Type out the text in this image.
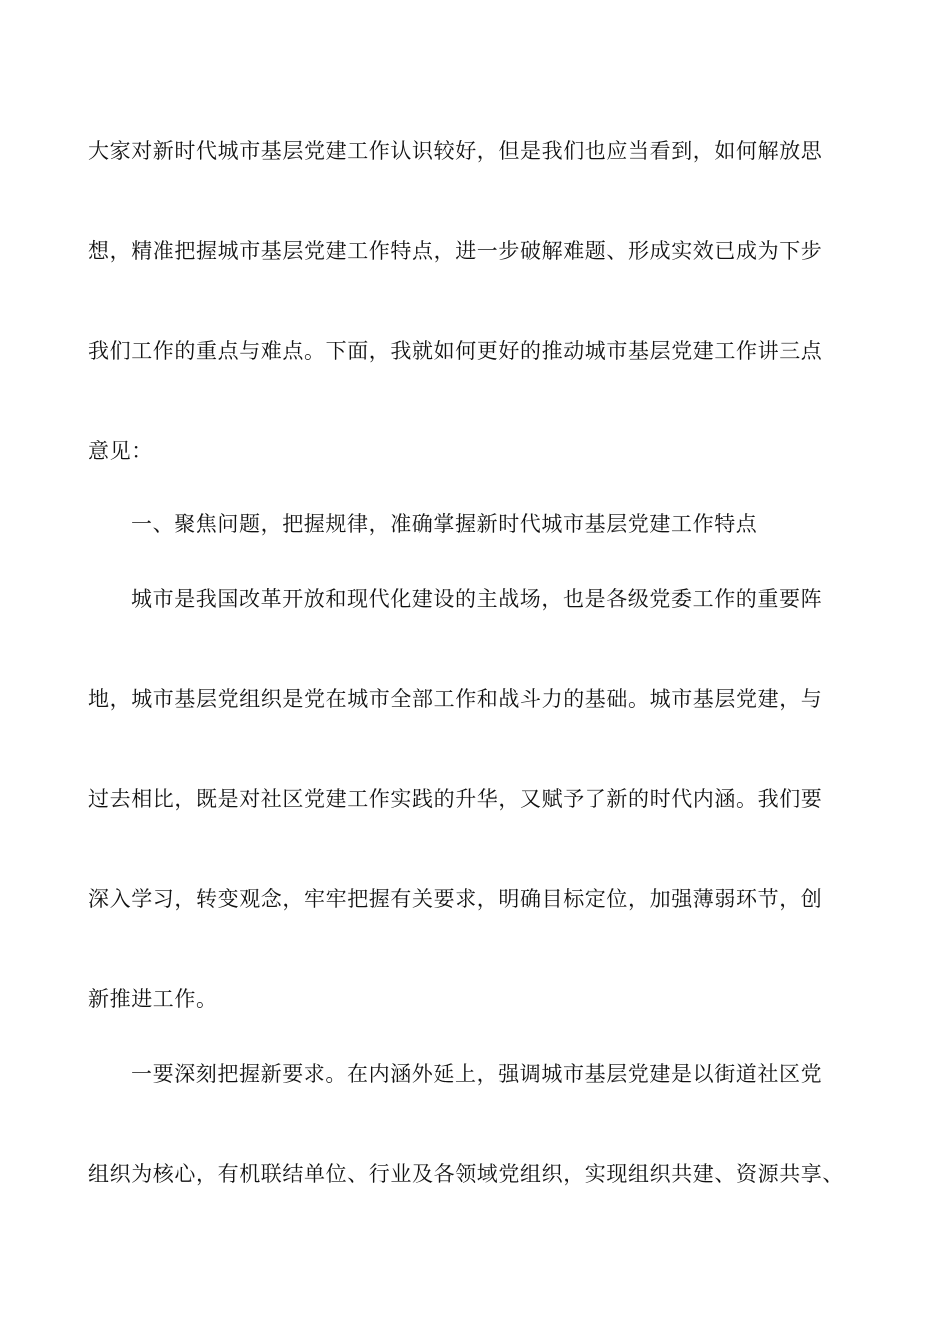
大家对新时代城市基层党建工作认识较好，但是我们也应当看到，如何解放思
想，精准把握城市基层党建工作特点，进一步破解难题、形成实效已成为下步
我们工作的重点与难点。下面，我就如何更好的推动城市基层党建工作讲三点
意见：
一、聚焦问题，把握规律，准确掌握新时代城市基层党建工作特点
城市是我国改革开放和现代化建设的主战场，也是各级党委工作的重要阵
地，城市基层党组织是党在城市全部工作和战斗力的基础。城市基层党建，与
过去相比，既是对社区党建工作实践的升华，又赋予了新的时代内涵。我们要
深入学习，转变观念，牢牢把握有关要求，明确目标定位，加强薄弱环节，创
新推进工作。
一要深刻把握新要求。在内涵外延上，强调城市基层党建是以街道社区党
组织为核心，有机联结单位、行业及各领域党组织，实现组织共建、资源共享、
